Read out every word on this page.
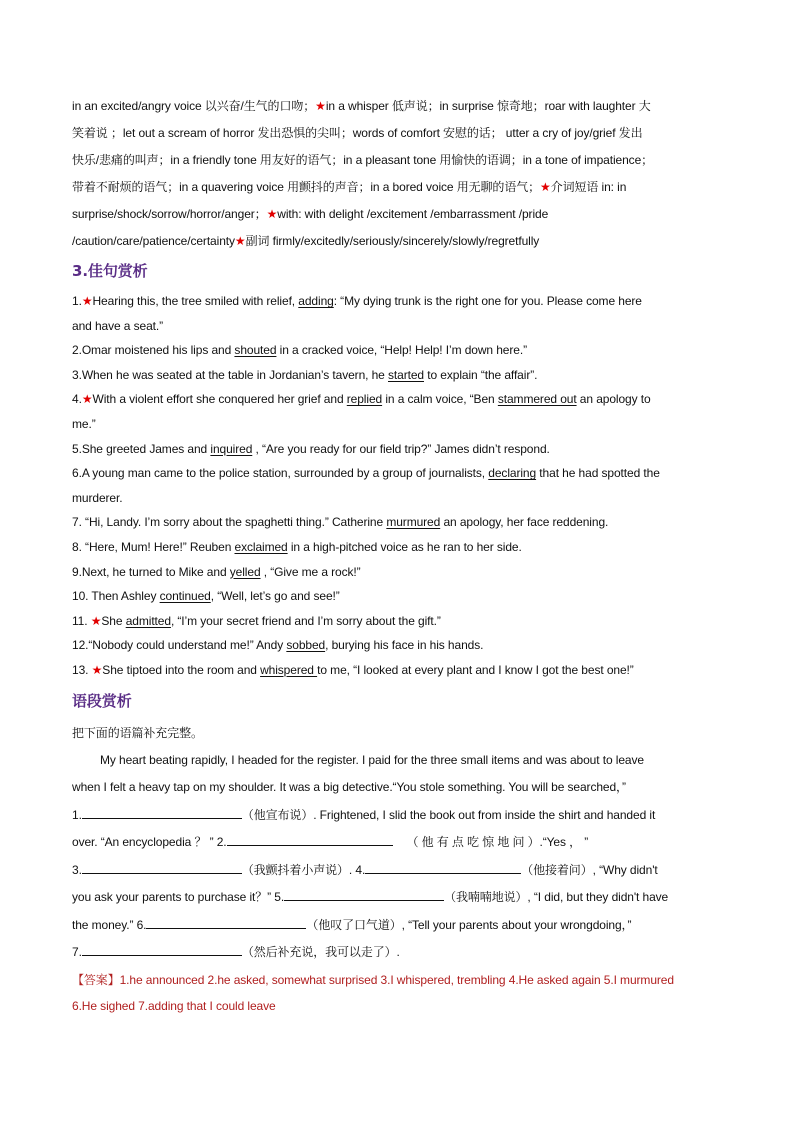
in an excited/angry voice 以兴奋/生气的口吻；★in a whisper 低声说；in surprise 惊奇地；roar with laughter 大
笑着说 ；let out a scream of horror 发出恐惧的尖叫；words of comfort 安慰的话； utter a cry of joy/grief 发出
快乐/悲痛的叫声；in a friendly tone 用友好的语气；in a pleasant tone 用愉快的语调；in a tone of impatience；
带着不耐烦的语气；in a quavering voice 用颤抖的声音；in a bored voice 用无聊的语气；★介词短语 in: in
surprise/shock/sorrow/horror/anger；★with: with delight /excitement /embarrassment /pride
/caution/care/patience/certainty★副词 firmly/excitedly/seriously/sincerely/slowly/regretfully
3.佳句赏析
1.★Hearing this, the tree smiled with relief, adding: “My dying trunk is the right one for you. Please come here
and have a seat.”
2.Omar moistened his lips and shouted in a cracked voice, “Help! Help! I’m down here.”
3.When he was seated at the table in Jordanian’s tavern, he started to explain “the affair”.
4.★With a violent effort she conquered her grief and replied in a calm voice, “Ben stammered out an apology to
me.”
5.She greeted James and inquired , “Are you ready for our field trip?” James didn’t respond.
6.A young man came to the police station, surrounded by a group of journalists, declaring that he had spotted the
murderer.
7. “Hi, Landy. I’m sorry about the spaghetti thing.” Catherine murmured an apology, her face reddening.
8. “Here, Mum! Here!” Reuben exclaimed in a high-pitched voice as he ran to her side.
9.Next, he turned to Mike and yelled , “Give me a rock!”
10. Then Ashley continued, “Well, let’s go and see!”
11. ★She admitted, “I’m your secret friend and I’m sorry about the gift.”
12.“Nobody could understand me!” Andy sobbed, burying his face in his hands.
13. ★She tiptoed into the room and whispered to me, “I looked at every plant and I know I got the best one!”
语段赏析
把下面的语篇补充完整。
My heart beating rapidly, I headed for the register. I paid for the three small items and was about to leave
when I felt a heavy tap on my shoulder. It was a big detective.“You stole something. You will be searched，”
1.	（他宣布说）. Frightened, I slid the book out from inside the shirt and handed it
over. “An encyclopedia ？ ” 2.	（ 他 有 点 吃 惊 地 问 ）.“Yes ， ”
3.	（我颤抖着小声说）. 4.	（他接着问）, “Why didn't
you ask your parents to purchase it？” 5.	（我喃喃地说）, “I did, but they didn't have
the money.” 6.	（他叹了口气道）, “Tell your parents about your wrongdoing，”
7.	（然后补充说，我可以走了）.
【答案】1.he announced 2.he asked, somewhat surprised 3.I whispered, trembling 4.He asked again 5.I murmured
6.He sighed 7.adding that I could leave
